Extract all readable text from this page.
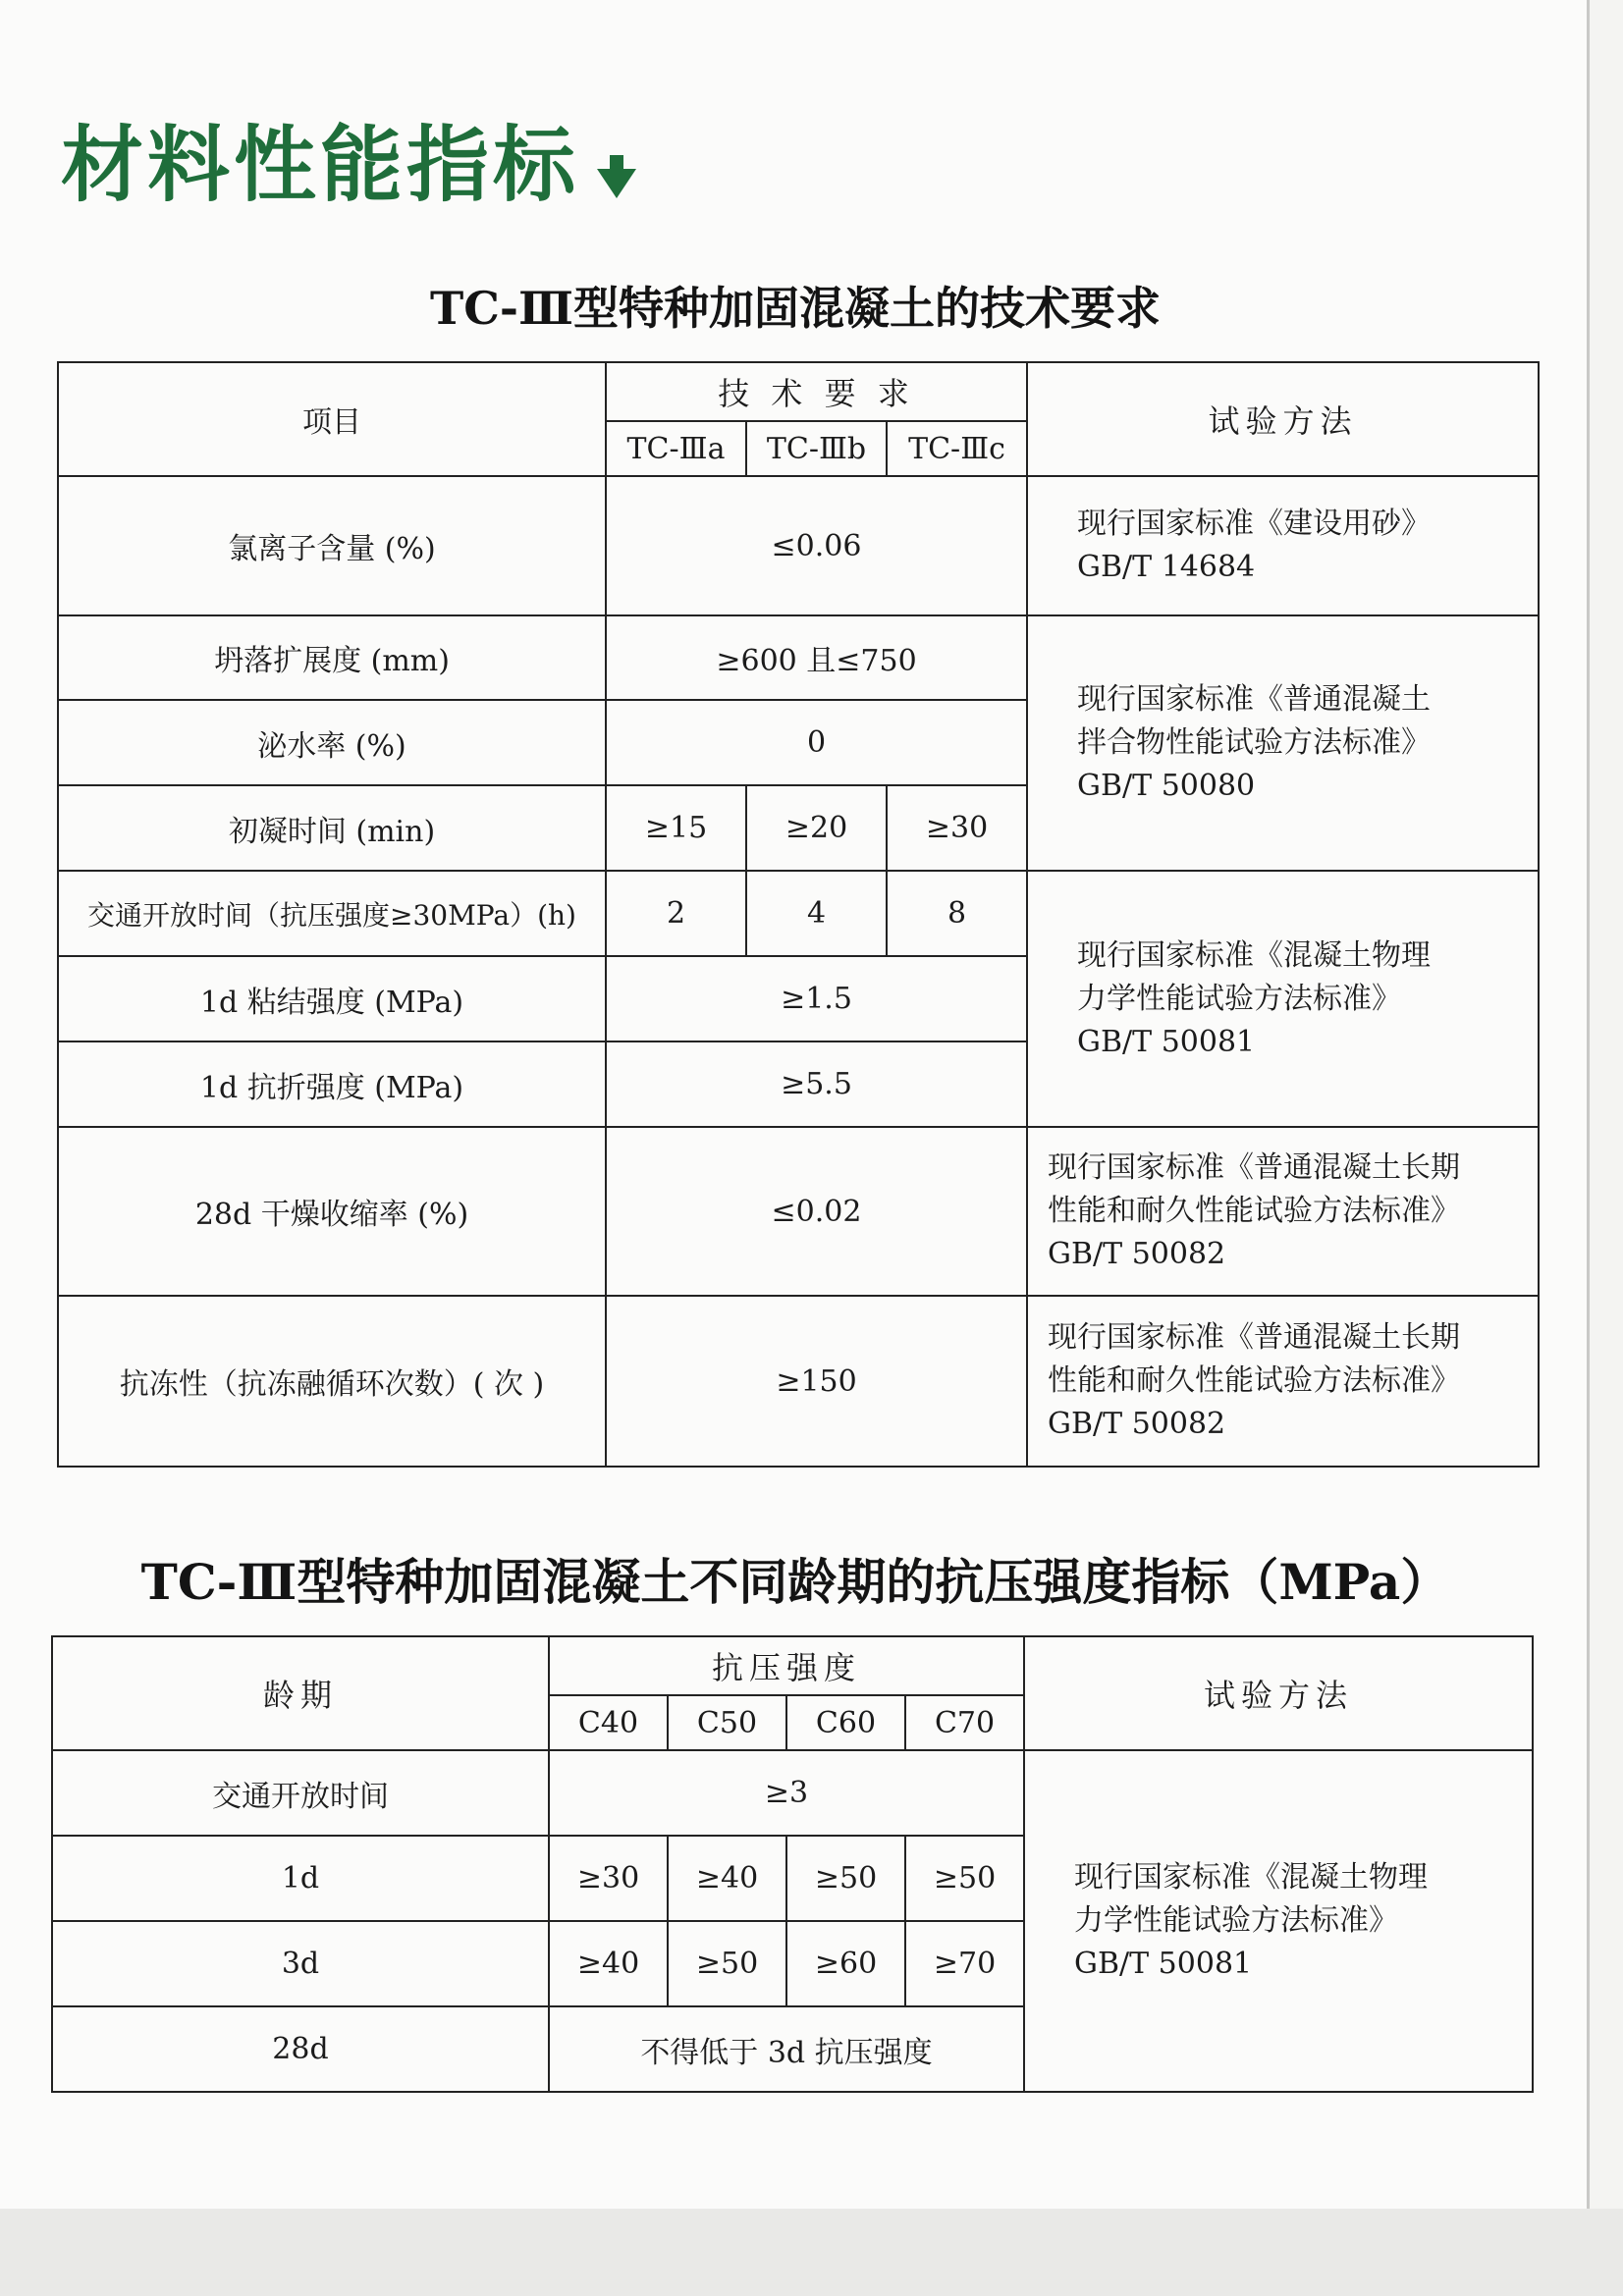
材料性能指标
TC-Ⅲ型特种加固混凝土的技术要求
项目	技 术 要 求			试验方法
	TC-Ⅲa	TC-Ⅲb	TC-Ⅲc	
氯离子含量 (%)	≤0.06			现行国家标准《建设用砂》
GB/T 14684

坍落扩展度 (mm)	≥600 且≤750			现行国家标准《普通混凝土
拌合物性能试验方法标准》
GB/T 50080

泌水率 (%)	0			
初凝时间 (min)	≥15	≥20	≥30	
交通开放时间（抗压强度≥30MPa）(h)	2	4	8	现行国家标准《混凝土物理
力学性能试验方法标准》
GB/T 50081

1d 粘结强度 (MPa)	≥1.5			
1d 抗折强度 (MPa)	≥5.5			
28d 干燥收缩率 (%)	≤0.02			现行国家标准《普通混凝土长期
性能和耐久性能试验方法标准》
GB/T 50082

抗冻性（抗冻融循环次数）( 次 )	≥150			现行国家标准《普通混凝土长期
性能和耐久性能试验方法标准》
GB/T 50082
TC-Ⅲ型特种加固混凝土不同龄期的抗压强度指标（MPa）
龄期	抗压强度				试验方法
	C40	C50	C60	C70	
交通开放时间	≥3				现行国家标准《混凝土物理
力学性能试验方法标准》
GB/T 50081

1d	≥30	≥40	≥50	≥50	
3d	≥40	≥50	≥60	≥70	
28d	不得低于 3d 抗压强度				
